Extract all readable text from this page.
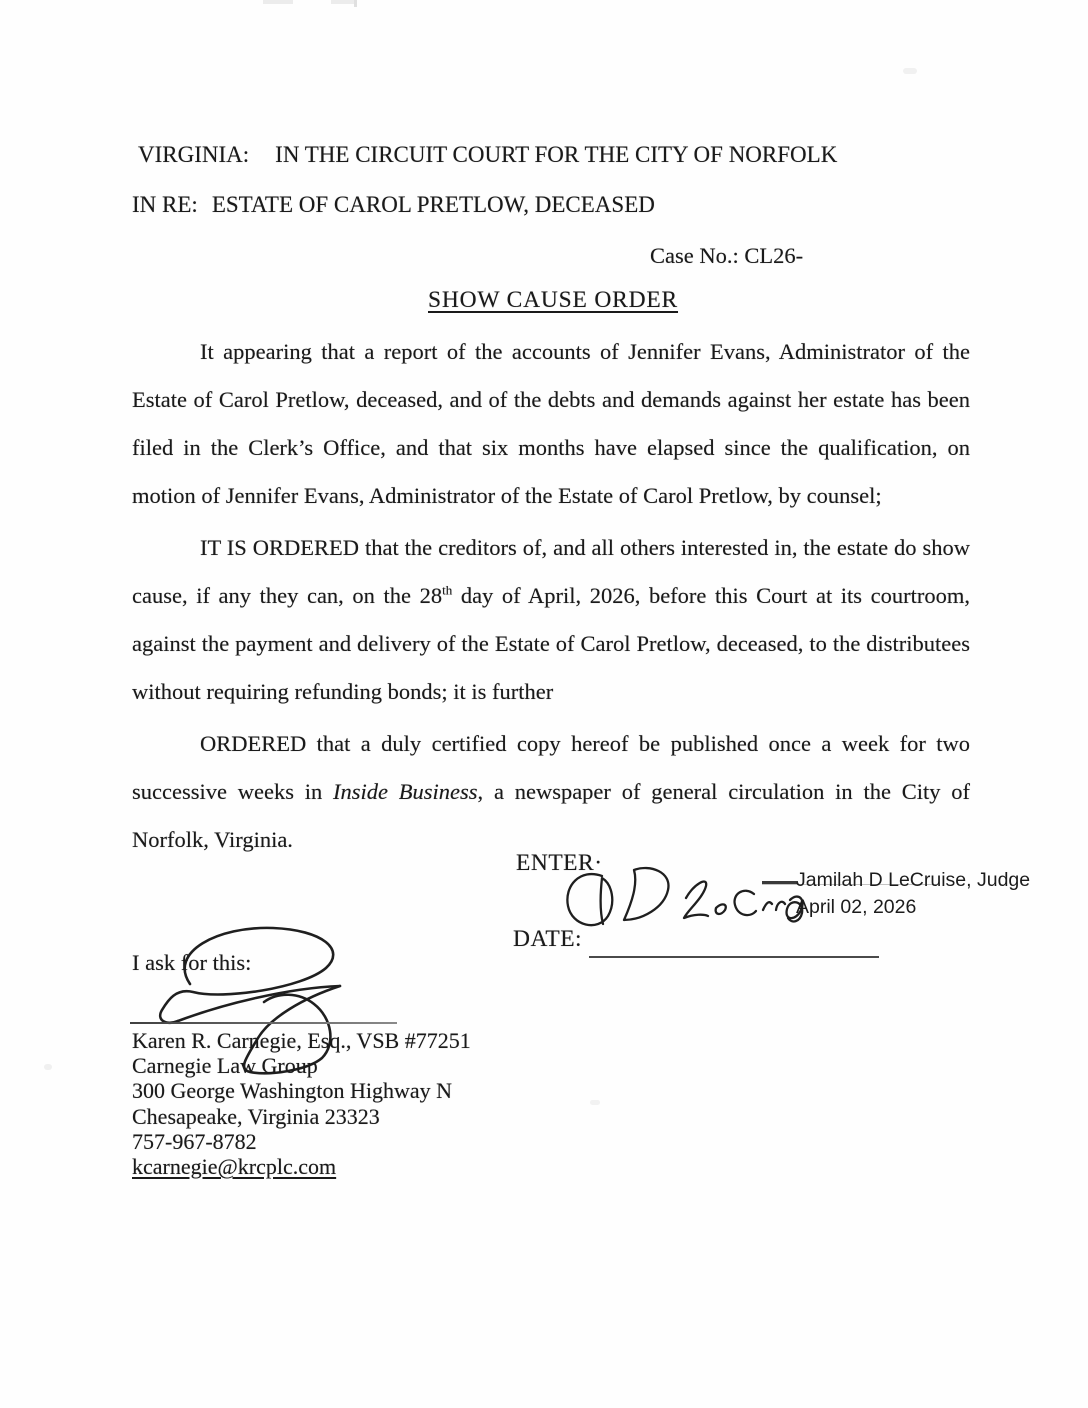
VIRGINIA: IN THE CIRCUIT COURT FOR THE CITY OF NORFOLK
IN RE: ESTATE OF CAROL PRETLOW, DECEASED
Case No.: CL26-
SHOW CAUSE ORDER

It appearing that a report of the accounts of Jennifer Evans, Administrator of the Estate of Carol Pretlow, deceased, and of the debts and demands against her estate has been filed in the Clerk’s Office, and that six months have elapsed since the qualification, on motion of Jennifer Evans, Administrator of the Estate of Carol Pretlow, by counsel;

IT IS ORDERED that the creditors of, and all others interested in, the estate do show cause, if any they can, on the 28th day of April, 2026, before this Court at its courtroom, against the payment and delivery of the Estate of Carol Pretlow, deceased, to the distributees without requiring refunding bonds; it is further

ORDERED that a duly certified copy hereof be published once a week for two successive weeks in Inside Business, a newspaper of general circulation in the City of Norfolk, Virginia.

ENTER·
Jamilah D LeCruise, Judge
April 02, 2026
DATE:
I ask for this:
Karen R. Carnegie, Esq., VSB #77251
Carnegie Law Group
300 George Washington Highway N
Chesapeake, Virginia 23323
757-967-8782
kcarnegie@krcplc.com
